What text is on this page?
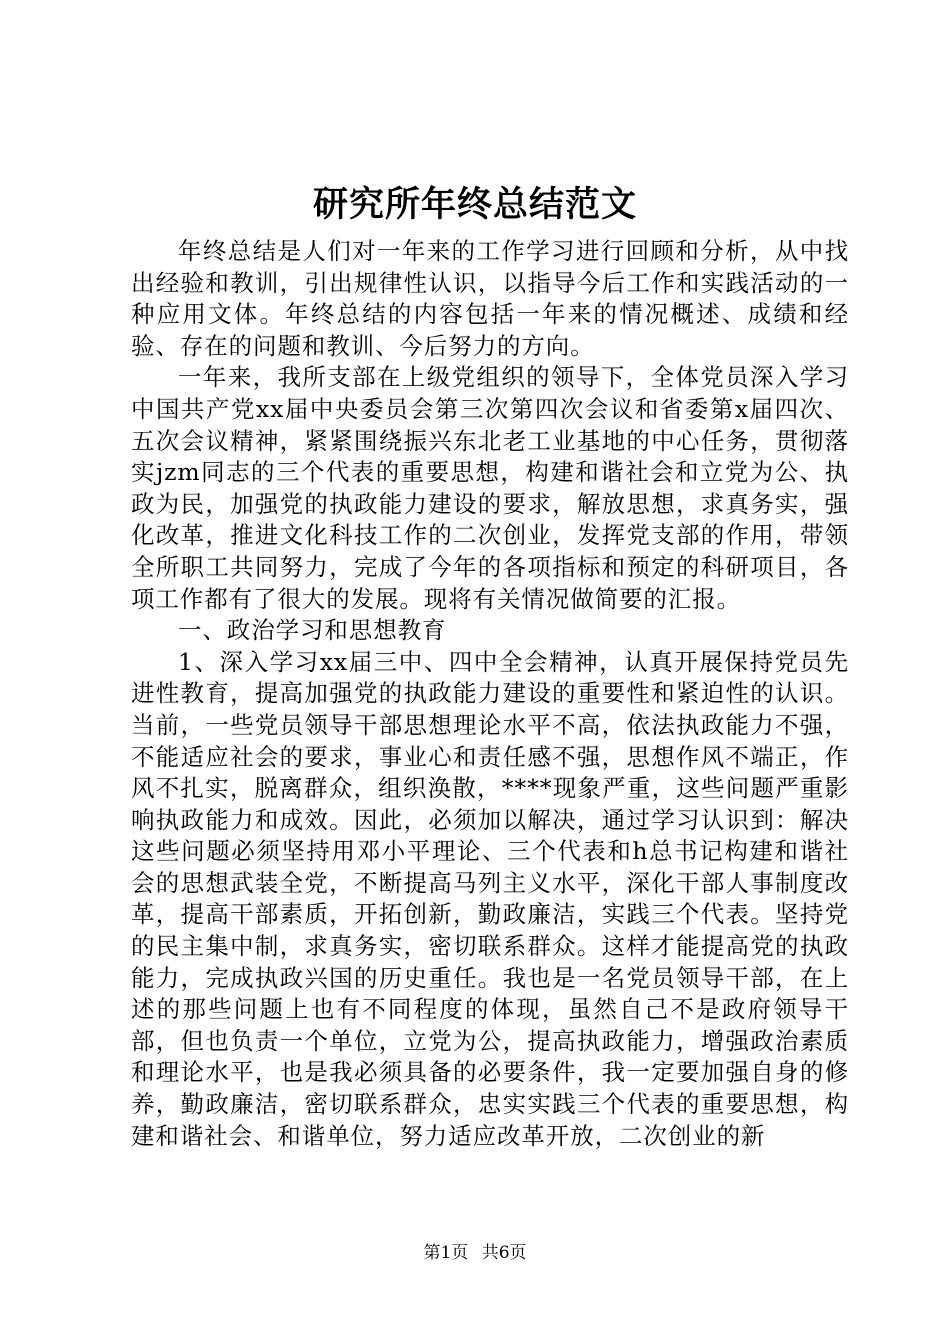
研究所年终总结范文

年终总结是人们对一年来的工作学习进行回顾和分析，从中找出经验和教训，引出规律性认识，以指导今后工作和实践活动的一种应用文体。年终总结的内容包括一年来的情况概述、成绩和经验、存在的问题和教训、今后努力的方向。

一年来，我所支部在上级党组织的领导下，全体党员深入学习中国共产党xx届中央委员会第三次第四次会议和省委第x届四次、五次会议精神，紧紧围绕振兴东北老工业基地的中心任务，贯彻落实jzm同志的三个代表的重要思想，构建和谐社会和立党为公、执政为民，加强党的执政能力建设的要求，解放思想，求真务实，强化改革，推进文化科技工作的二次创业，发挥党支部的作用，带领全所职工共同努力，完成了今年的各项指标和预定的科研项目，各项工作都有了很大的发展。现将有关情况做简要的汇报。

一、政治学习和思想教育

1、深入学习xx届三中、四中全会精神，认真开展保持党员先进性教育，提高加强党的执政能力建设的重要性和紧迫性的认识。当前，一些党员领导干部思想理论水平不高，依法执政能力不强，不能适应社会的要求，事业心和责任感不强，思想作风不端正，作风不扎实，脱离群众，组织涣散，****现象严重，这些问题严重影响执政能力和成效。因此，必须加以解决，通过学习认识到：解决这些问题必须坚持用邓小平理论、三个代表和h总书记构建和谐社会的思想武装全党，不断提高马列主义水平，深化干部人事制度改革，提高干部素质，开拓创新，勤政廉洁，实践三个代表。坚持党的民主集中制，求真务实，密切联系群众。这样才能提高党的执政能力，完成执政兴国的历史重任。我也是一名党员领导干部，在上述的那些问题上也有不同程度的体现，虽然自己不是政府领导干部，但也负责一个单位，立党为公，提高执政能力，增强政治素质和理论水平，也是我必须具备的必要条件，我一定要加强自身的修养，勤政廉洁，密切联系群众，忠实实践三个代表的重要思想，构建和谐社会、和谐单位，努力适应改革开放，二次创业的新

第1页 共6页
